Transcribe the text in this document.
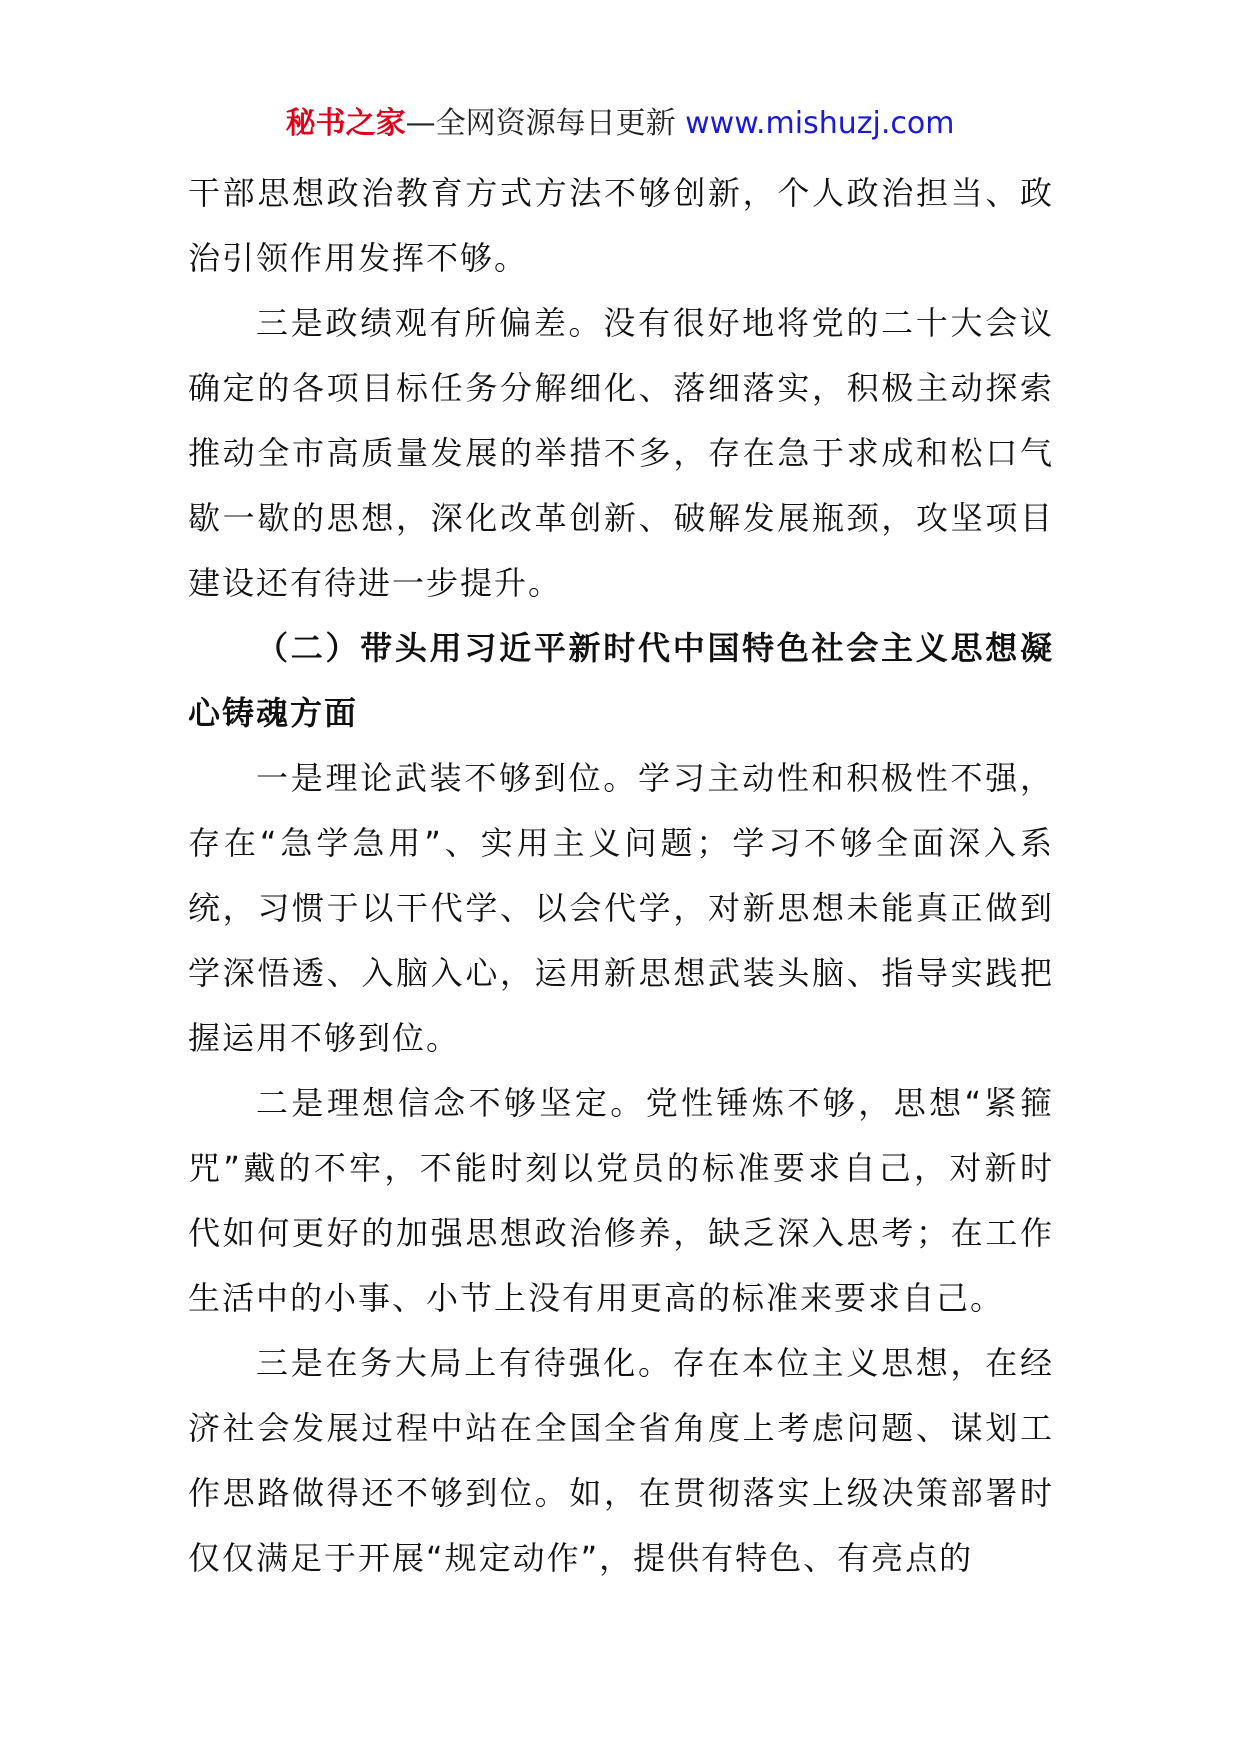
秘书之家—全网资源每日更新 www.mishuzj.com

干部思想政治教育方式方法不够创新，个人政治担当、政治引领作用发挥不够。

三是政绩观有所偏差。没有很好地将党的二十大会议确定的各项目标任务分解细化、落细落实，积极主动探索推动全市高质量发展的举措不多，存在急于求成和松口气歇一歇的思想，深化改革创新、破解发展瓶颈，攻坚项目建设还有待进一步提升。

（二）带头用习近平新时代中国特色社会主义思想凝心铸魂方面

一是理论武装不够到位。学习主动性和积极性不强，存在“急学急用”、实用主义问题；学习不够全面深入系统，习惯于以干代学、以会代学，对新思想未能真正做到学深悟透、入脑入心，运用新思想武装头脑、指导实践把握运用不够到位。

二是理想信念不够坚定。党性锤炼不够，思想“紧箍咒”戴的不牢，不能时刻以党员的标准要求自己，对新时代如何更好的加强思想政治修养，缺乏深入思考；在工作生活中的小事、小节上没有用更高的标准来要求自己。

三是在务大局上有待强化。存在本位主义思想，在经济社会发展过程中站在全国全省角度上考虑问题、谋划工作思路做得还不够到位。如，在贯彻落实上级决策部署时仅仅满足于开展“规定动作”，提供有特色、有亮点的
